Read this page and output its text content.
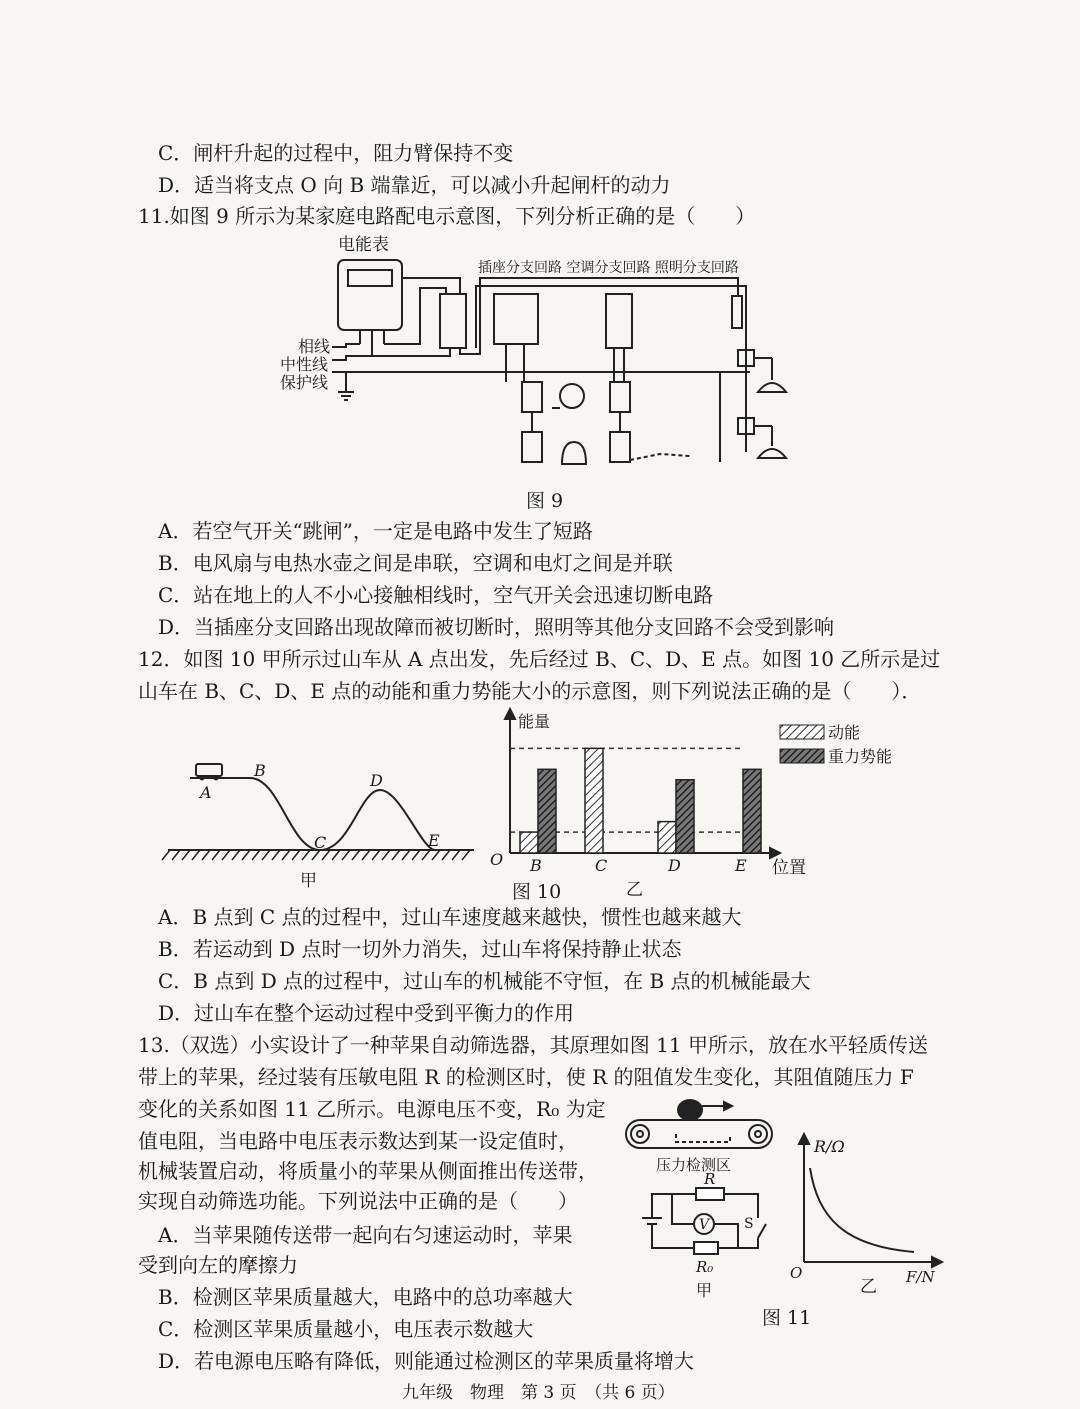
C．闸杆升起的过程中，阻力臂保持不变
D．适当将支点 O 向 B 端靠近，可以减小升起闸杆的动力
11.如图 9 所示为某家庭电路配电示意图，下列分析正确的是（　　）
电能表
相线
中性线
保护线
插座分支回路 空调分支回路 照明分支回路
图 9
A．若空气开关“跳闸”，一定是电路中发生了短路
B．电风扇与电热水壶之间是串联，空调和电灯之间是并联
C．站在地上的人不小心接触相线时，空气开关会迅速切断电路
D．当插座分支回路出现故障而被切断时，照明等其他分支回路不会受到影响
12．如图 10 甲所示过山车从 A 点出发，先后经过 B、C、D、E 点。如图 10 乙所示是过
山车在 B、C、D、E 点的动能和重力势能大小的示意图，则下列说法正确的是（　　）．
A
B
C
D
E
甲
B	C	D	E
O
能量
位置
动能
重力势能
乙
图 10
A．B 点到 C 点的过程中，过山车速度越来越快，惯性也越来越大
B．若运动到 D 点时一切外力消失，过山车将保持静止状态
C．B 点到 D 点的过程中，过山车的机械能不守恒，在 B 点的机械能最大
D．过山车在整个运动过程中受到平衡力的作用
13.（双选）小实设计了一种苹果自动筛选器，其原理如图 11 甲所示，放在水平轻质传送
带上的苹果，经过装有压敏电阻 R 的检测区时，使 R 的阻值发生变化，其阻值随压力 F
变化的关系如图 11 乙所示。电源电压不变，R₀ 为定
值电阻，当电路中电压表示数达到某一设定值时，
机械装置启动，将质量小的苹果从侧面推出传送带，
实现自动筛选功能。下列说法中正确的是（　　）
A．当苹果随传送带一起向右匀速运动时，苹果
受到向左的摩擦力
B．检测区苹果质量越大，电路中的总功率越大
C．检测区苹果质量越小，电压表示数越大
D．若电源电压略有降低，则能通过检测区的苹果质量将增大
压力检测区
R
V S
R₀
甲
R/Ω
O	F/N
乙
图 11
九年级　物理　第 3 页　（共 6 页）
